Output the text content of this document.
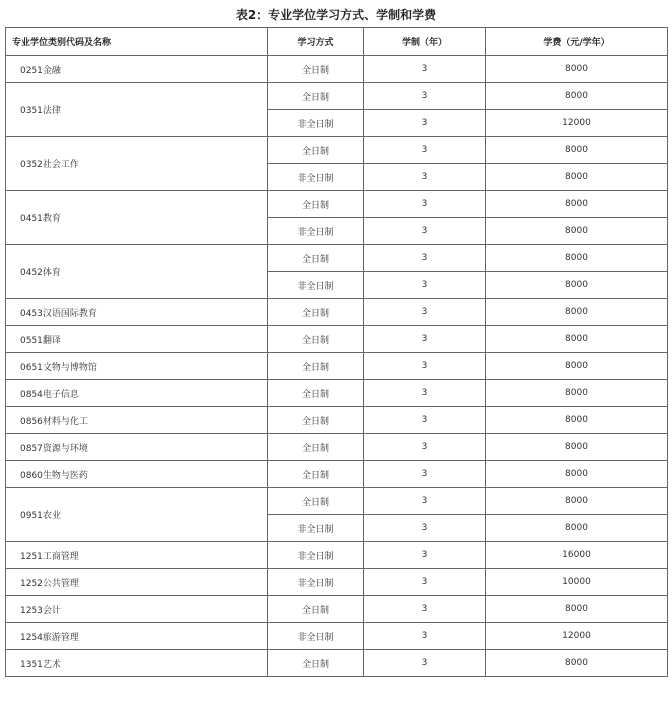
表2：专业学位学习方式、学制和学费
专业学位类别代码及名称	学习方式	学制（年）	学费（元/学年）
0251金融	全日制	3	8000
0351法律	全日制	3	8000
	非全日制	3	12000
0352社会工作	全日制	3	8000
	非全日制	3	8000
0451教育	全日制	3	8000
	非全日制	3	8000
0452体育	全日制	3	8000
	非全日制	3	8000
0453汉语国际教育	全日制	3	8000
0551翻译	全日制	3	8000
0651文物与博物馆	全日制	3	8000
0854电子信息	全日制	3	8000
0856材料与化工	全日制	3	8000
0857资源与环境	全日制	3	8000
0860生物与医药	全日制	3	8000
0951农业	全日制	3	8000
	非全日制	3	8000
1251工商管理	非全日制	3	16000
1252公共管理	非全日制	3	10000
1253会计	全日制	3	8000
1254旅游管理	非全日制	3	12000
1351艺术	全日制	3	8000
